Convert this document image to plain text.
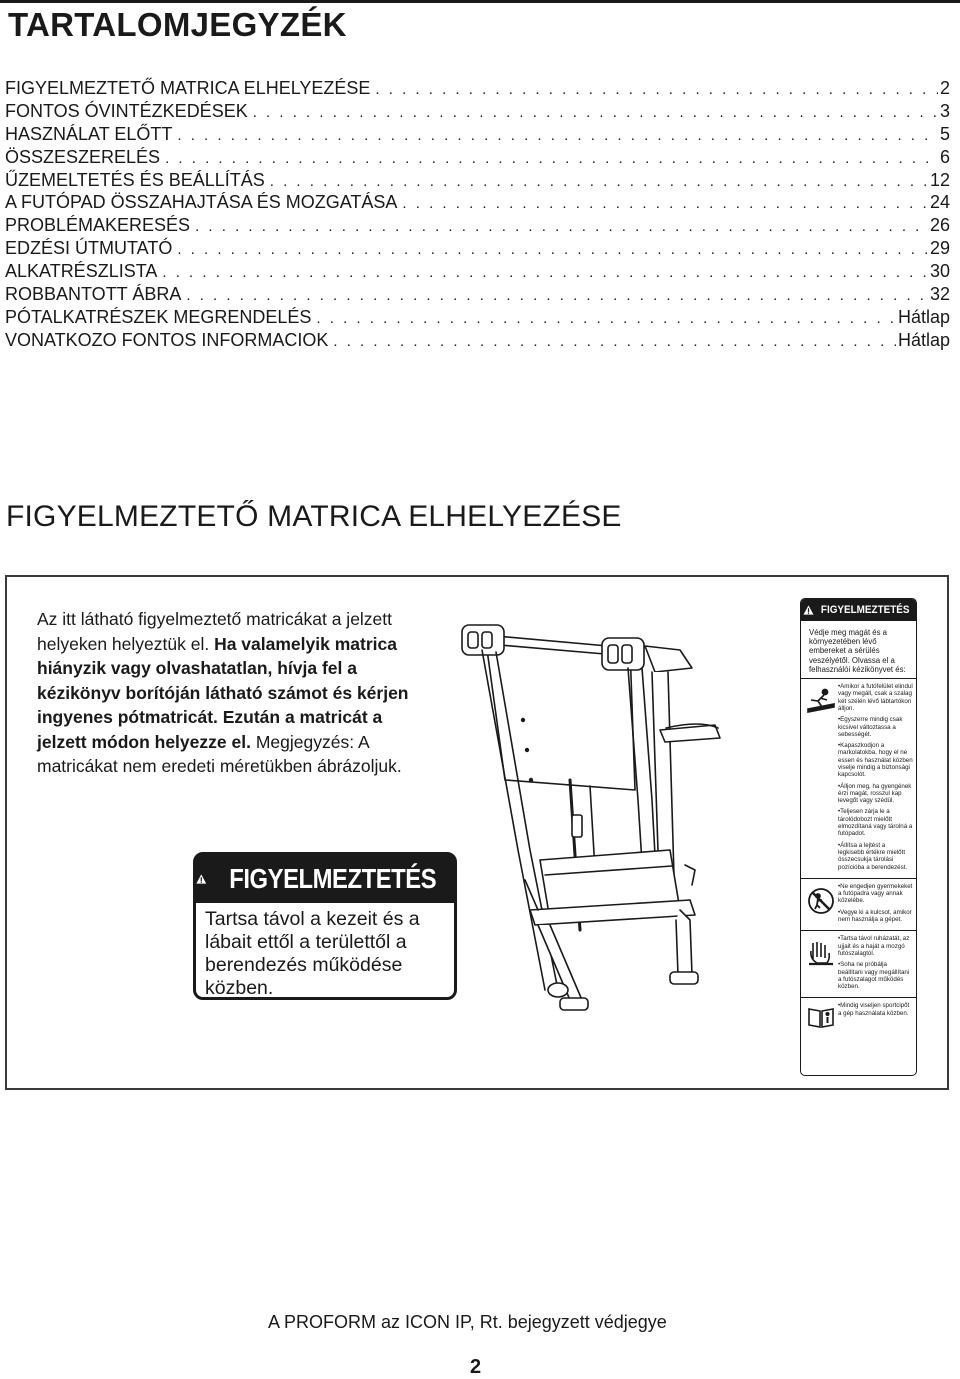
TARTALOMJEGYZÉK
FIGYELMEZTETŐ MATRICA ELHELYEZÉSE . . .	2
FONTOS ÓVINTÉZKEDÉSEK . . .	3
HASZNÁLAT ELŐTT . . .	5
ÖSSZESZERELÉS . . .	6
ŰZEMELTETÉS ÉS BEÁLLÍTÁS . . .	12
A FUTÓPAD ÖSSZAHAJTÁSA ÉS MOZGATÁSA . . .	24
PROBLÉMAKERESÉS . . .	26
EDZÉSI ÚTMUTATÓ . . .	29
ALKATRÉSZLISTA . . .	30
ROBBANTOTT ÁBRA . . .	32
PÓTALKATRÉSZEK MEGRENDELÉS . . .	Hátlap
VONATKOZO FONTOS INFORMACIOK . . .	Hátlap
FIGYELMEZTETŐ MATRICA ELHELYEZÉSE

Az itt látható figyelmeztető matricákat a jelzett helyeken helyeztük el. Ha valamelyik matrica hiányzik vagy olvashatatlan, hívja fel a kézikönyv borítóján látható számot és kérjen ingyenes pótmatricát. Ezután a matricát a jelzett módon helyezze el. Megjegyzés: A matricákat nem eredeti méretükben ábrázoljuk.

FIGYELMEZTETÉS

Tartsa távol a kezeit és a lábait ettől a területtől a berendezés működése közben.

FIGYELMEZTETÉS

Védje meg magát és a környezetében lévő embereket a sérülés veszélyétől. Olvassa el a felhasználói kézikönyvet és:

•Amikor a futófelület elindul vagy megáll, csak a szalag két szélén lévő lábtartókon álljon.

•Egyszerre mindig csak kicsivel változtassa a sebességét.

•Kapaszkodjon a markolatokba, hogy el ne essen és használat közben viselje mindig a biztonsági kapcsolót.

•Álljon meg, ha gyengének érzi magát, rosszul kap levegőt vagy szédül.

•Teljesen zárja le a tárolódobozt mielőtt elmozdítaná vagy tárolná a futópadot.

•Állítsa a lejtést a legkisebb értékre mielőtt összecsukja tárolási pozícióba a berendezést.

•Ne engedjen gyermekeket a futópadra vagy annak közelébe.

•Vegye ki a kulcsot, amikor nem használja a gépet.

•Tartsa távol ruházatát, az ujjait és a haját a mozgó futószalagtól.

•Soha ne próbálja beállítani vagy megállítani a futószalagot működés közben.

•Mindig viseljen sportcipőt a gép használata közben.

A PROFORM az ICON IP, Rt. bejegyzett védjegye

2
